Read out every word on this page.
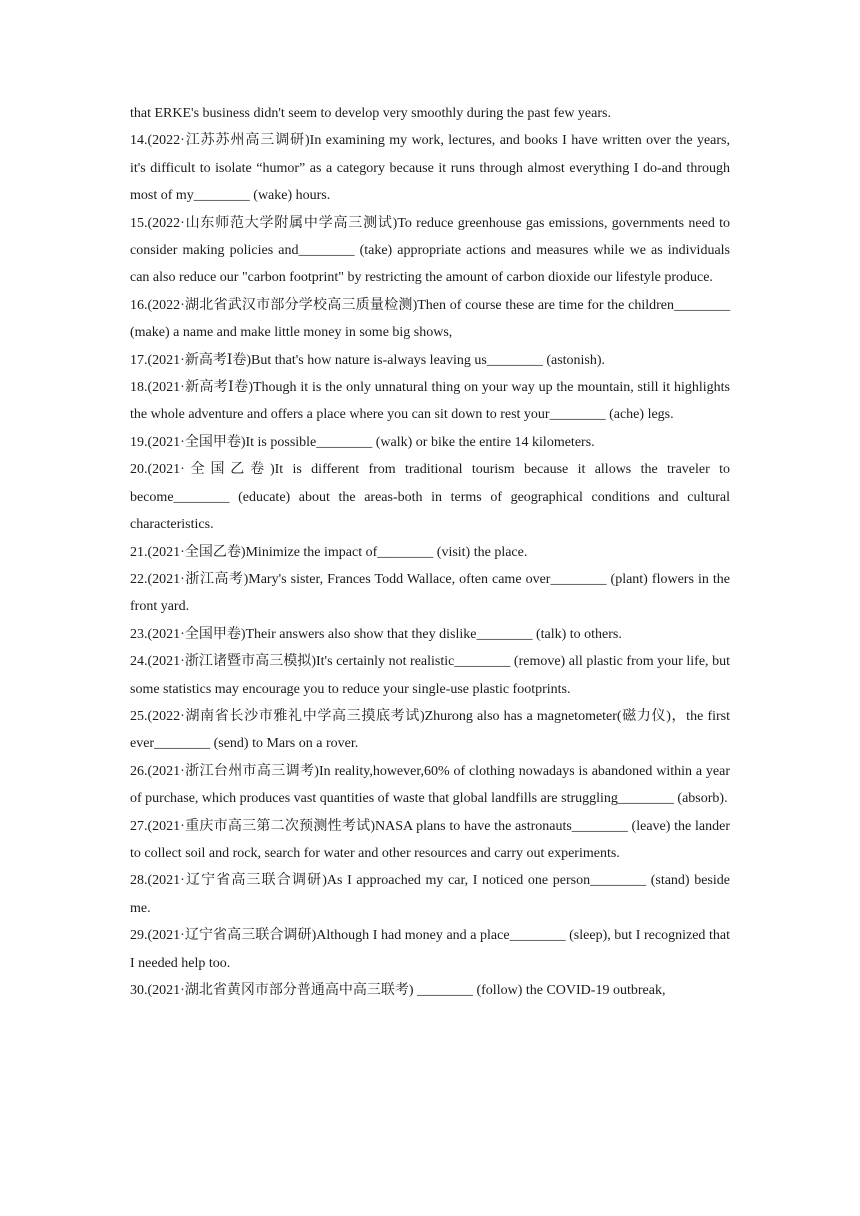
that ERKE's business didn't seem to develop very smoothly during the past few years.

14.(2022·江苏苏州高三调研)In examining my work, lectures, and books I have written over the years, it's difficult to isolate “humor” as a category because it runs through almost everything I do-and through most of my________ (wake) hours.

15.(2022·山东师范大学附属中学高三测试)To reduce greenhouse gas emissions, governments need to consider making policies and________ (take) appropriate actions and measures while we as individuals can also reduce our "carbon footprint" by restricting the amount of carbon dioxide our lifestyle produce.

16.(2022·湖北省武汉市部分学校高三质量检测)Then of course these are time for the children________ (make) a name and make little money in some big shows,

17.(2021·新高考Ⅰ卷)But that's how nature is-always leaving us________ (astonish).

18.(2021·新高考Ⅰ卷)Though it is the only unnatural thing on your way up the mountain, still it highlights the whole adventure and offers a place where you can sit down to rest your________ (ache) legs.

19.(2021·全国甲卷)It is possible________ (walk) or bike the entire 14 kilometers.

20.(2021·全国乙卷)It is different from traditional tourism because it allows the traveler to become________ (educate) about the areas-both in terms of geographical conditions and cultural characteristics.

21.(2021·全国乙卷)Minimize the impact of________ (visit) the place.

22.(2021·浙江高考)Mary's sister, Frances Todd Wallace, often came over________ (plant) flowers in the front yard.

23.(2021·全国甲卷)Their answers also show that they dislike________ (talk) to others.

24.(2021·浙江诸暨市高三模拟)It's certainly not realistic________ (remove) all plastic from your life, but some statistics may encourage you to reduce your single-use plastic footprints.

25.(2022·湖南省长沙市雅礼中学高三摸底考试)Zhurong also has a magnetometer(磁力仪)，the first ever________ (send) to Mars on a rover.

26.(2021·浙江台州市高三调考)In reality,however,60% of clothing nowadays is abandoned within a year of purchase, which produces vast quantities of waste that global landfills are struggling________ (absorb).

27.(2021·重庆市高三第二次预测性考试)NASA plans to have the astronauts________ (leave) the lander to collect soil and rock, search for water and other resources and carry out experiments.

28.(2021·辽宁省高三联合调研)As I approached my car, I noticed one person________ (stand) beside me.

29.(2021·辽宁省高三联合调研)Although I had money and a place________ (sleep), but I recognized that I needed help too.

30.(2021·湖北省黄冈市部分普通高中高三联考) ________ (follow) the COVID-19 outbreak,
